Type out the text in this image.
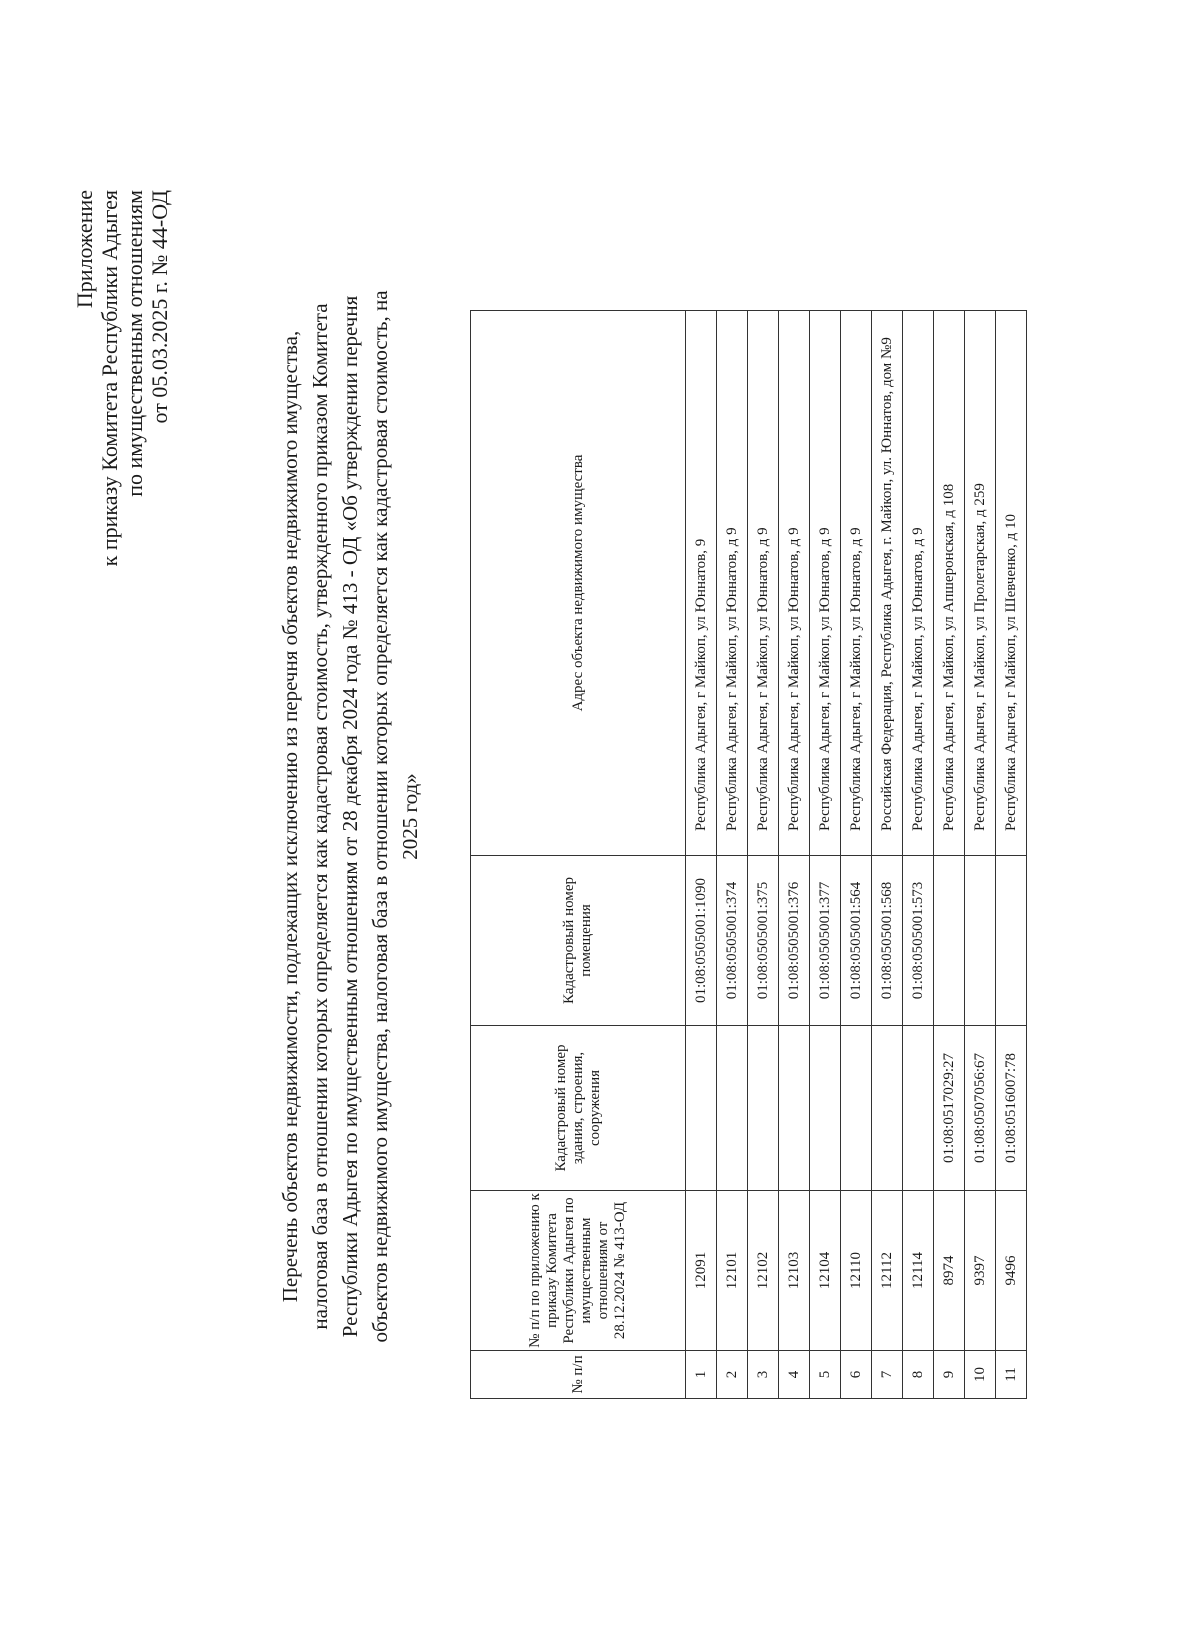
Приложение к приказу Комитета Республики Адыгея по имущественным отношениям от 05.03.2025 г. № 44-ОД
Перечень объектов недвижимости, подлежащих исключению из перечня объектов недвижимого имущества, налоговая база в отношении которых определяется как кадастровая стоимость, утвержденного приказом Комитета Республики Адыгея по имущественным отношениям от 28 декабря 2024 года № 413 - ОД «Об утверждении перечня объектов недвижимого имущества, налоговая база в отношении которых определяется как кадастровая стоимость, на 2025 год»
№ п/п	№ п/п по приложению к приказу Комитета Республики Адыгея по имущественным отношениям от 28.12.2024 № 413-ОД	Кадастровый номер здания, строения, сооружения	Кадастровый номер помещения	Адрес объекта недвижимого имущества
1	12091		01:08:0505001:1090	Республика Адыгея, г Майкоп, ул Юннатов, 9
2	12101		01:08:0505001:374	Республика Адыгея, г Майкоп, ул Юннатов, д 9
3	12102		01:08:0505001:375	Республика Адыгея, г Майкоп, ул Юннатов, д 9
4	12103		01:08:0505001:376	Республика Адыгея, г Майкоп, ул Юннатов, д 9
5	12104		01:08:0505001:377	Республика Адыгея, г Майкоп, ул Юннатов, д 9
6	12110		01:08:0505001:564	Республика Адыгея, г Майкоп, ул Юннатов, д 9
7	12112		01:08:0505001:568	Российская Федерация, Республика Адыгея, г. Майкоп, ул. Юннатов, дом №9
8	12114		01:08:0505001:573	Республика Адыгея, г Майкоп, ул Юннатов, д 9
9	8974	01:08:0517029:27		Республика Адыгея, г Майкоп, ул Апшеронская, д 108
10	9397	01:08:0507056:67		Республика Адыгея, г Майкоп, ул Пролетарская, д 259
11	9496	01:08:0516007:78		Республика Адыгея, г Майкоп, ул Шевченко, д 10
